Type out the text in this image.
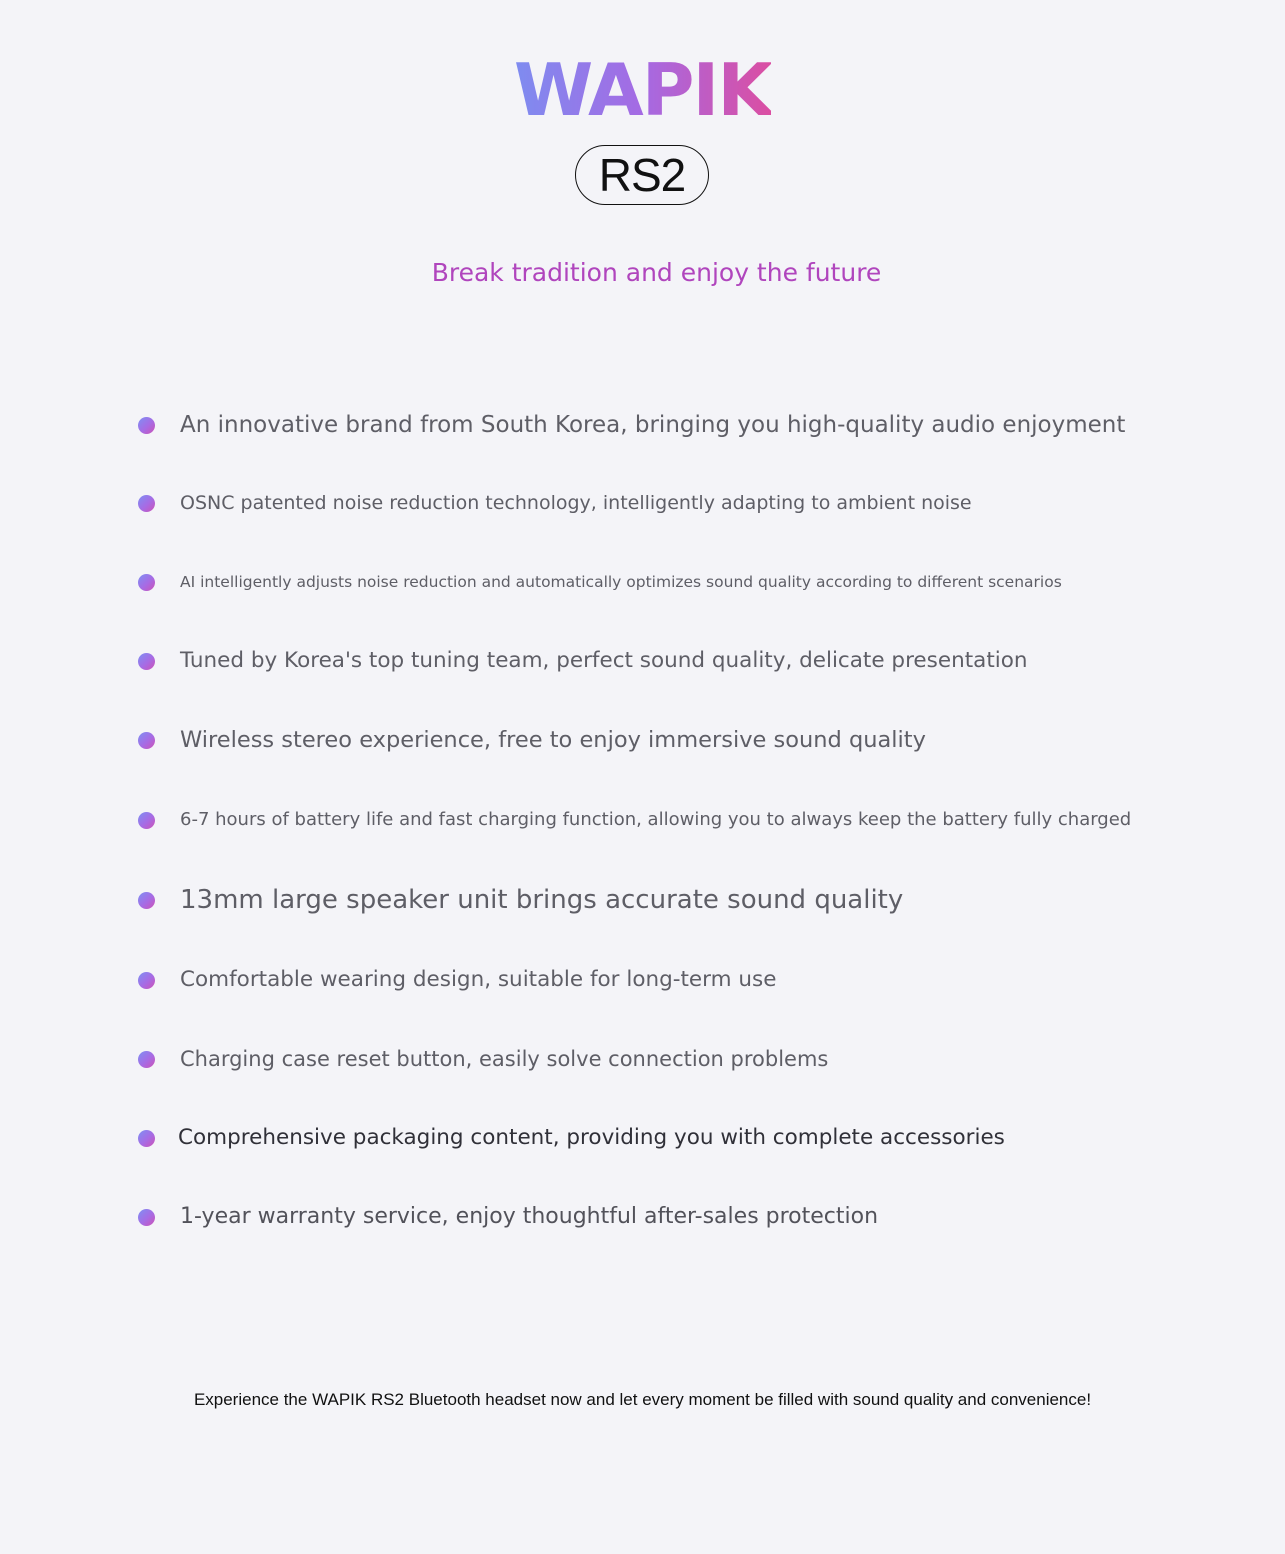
WAPIK
RS2
Break tradition and enjoy the future
An innovative brand from South Korea, bringing you high-quality audio enjoyment
OSNC patented noise reduction technology, intelligently adapting to ambient noise
AI intelligently adjusts noise reduction and automatically optimizes sound quality according to different scenarios
Tuned by Korea's top tuning team, perfect sound quality, delicate presentation
Wireless stereo experience, free to enjoy immersive sound quality
6-7 hours of battery life and fast charging function, allowing you to always keep the battery fully charged
13mm large speaker unit brings accurate sound quality
Comfortable wearing design, suitable for long-term use
Charging case reset button, easily solve connection problems
Comprehensive packaging content, providing you with complete accessories
1-year warranty service, enjoy thoughtful after-sales protection
Experience the WAPIK RS2 Bluetooth headset now and let every moment be filled with sound quality and convenience!
